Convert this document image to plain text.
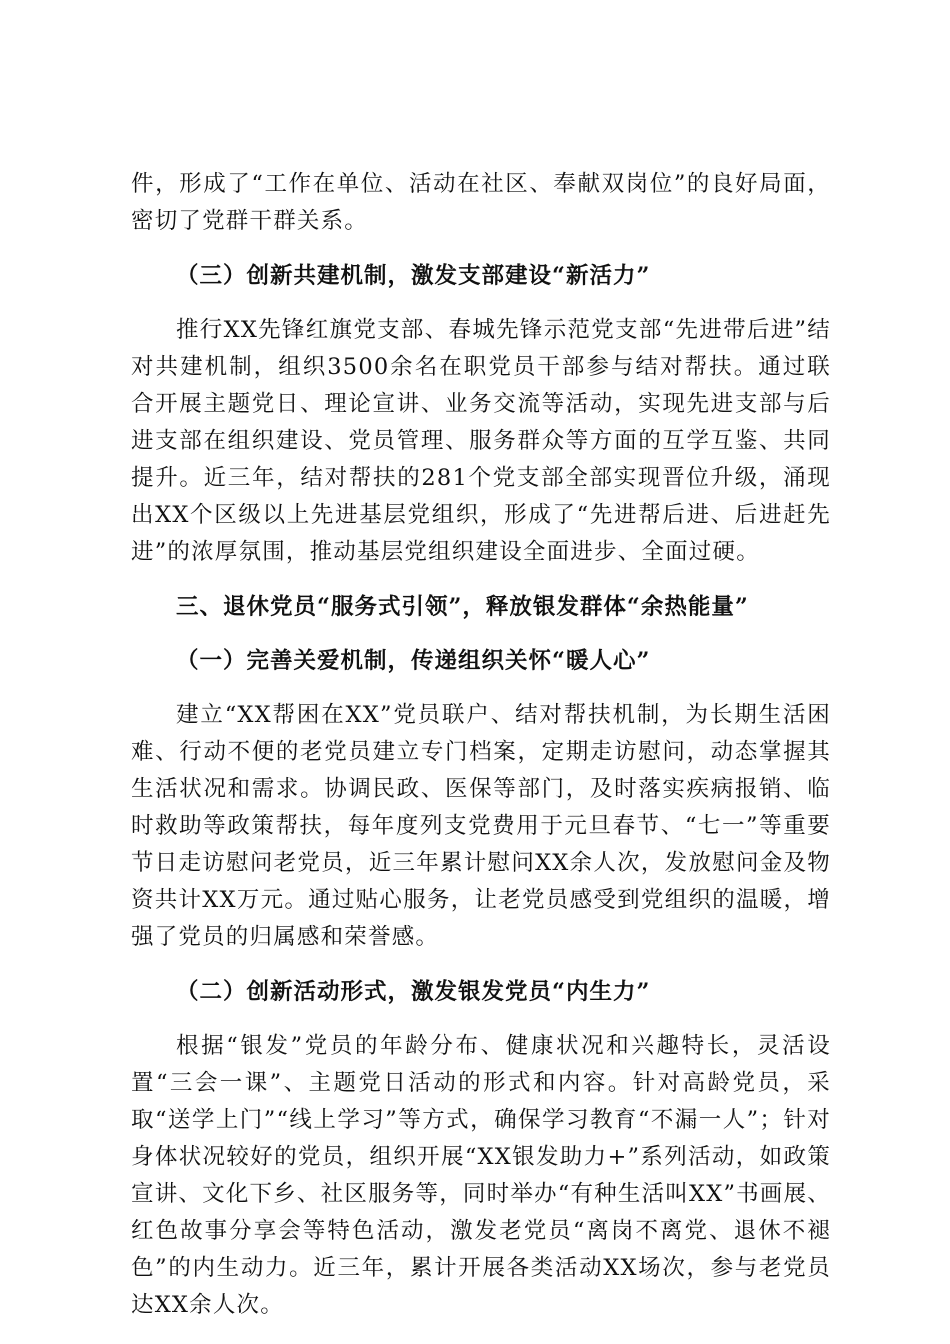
件，形成了“工作在单位、活动在社区、奉献双岗位”的良好局面，密切了党群干群关系。

（三）创新共建机制，激发支部建设“新活力”

推行XX先锋红旗党支部、春城先锋示范党支部“先进带后进”结对共建机制，组织3500余名在职党员干部参与结对帮扶。通过联合开展主题党日、理论宣讲、业务交流等活动，实现先进支部与后进支部在组织建设、党员管理、服务群众等方面的互学互鉴、共同提升。近三年，结对帮扶的281个党支部全部实现晋位升级，涌现出XX个区级以上先进基层党组织，形成了“先进帮后进、后进赶先进”的浓厚氛围，推动基层党组织建设全面进步、全面过硬。

三、退休党员“服务式引领”，释放银发群体“余热能量”

（一）完善关爱机制，传递组织关怀“暖人心”

建立“XX帮困在XX”党员联户、结对帮扶机制，为长期生活困难、行动不便的老党员建立专门档案，定期走访慰问，动态掌握其生活状况和需求。协调民政、医保等部门，及时落实疾病报销、临时救助等政策帮扶，每年度列支党费用于元旦春节、“七一”等重要节日走访慰问老党员，近三年累计慰问XX余人次，发放慰问金及物资共计XX万元。通过贴心服务，让老党员感受到党组织的温暖，增强了党员的归属感和荣誉感。

（二）创新活动形式，激发银发党员“内生力”

根据“银发”党员的年龄分布、健康状况和兴趣特长，灵活设置“三会一课”、主题党日活动的形式和内容。针对高龄党员，采取“送学上门”“线上学习”等方式，确保学习教育“不漏一人”；针对身体状况较好的党员，组织开展“XX银发助力+”系列活动，如政策宣讲、文化下乡、社区服务等，同时举办“有种生活叫XX”书画展、红色故事分享会等特色活动，激发老党员“离岗不离党、退休不褪色”的内生动力。近三年，累计开展各类活动XX场次，参与老党员达XX余人次。
